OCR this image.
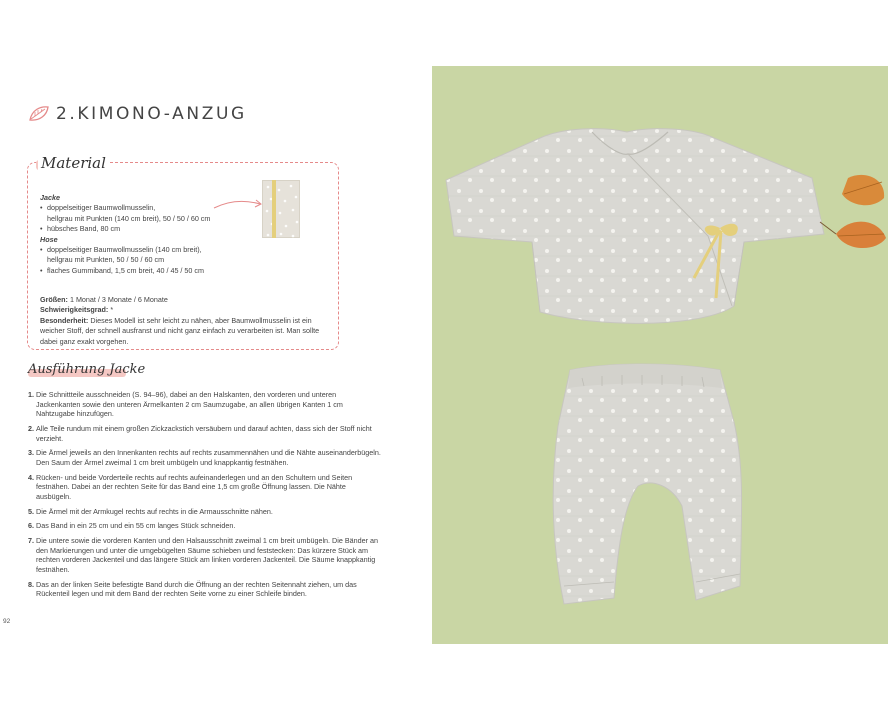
2.KIMONO-ANZUG
Material
Jacke
• doppelseitiger Baumwollmusselin,
hellgrau mit Punkten (140 cm breit), 50 / 50 / 60 cm
• hübsches Band, 80 cm
Hose
• doppelseitiger Baumwollmusselin (140 cm breit),
hellgrau mit Punkten, 50 / 50 / 60 cm
• flaches Gummiband, 1,5 cm breit, 40 / 45 / 50 cm
Größen: 1 Monat / 3 Monate / 6 Monate
Schwierigkeitsgrad: *
Besonderheit: Dieses Modell ist sehr leicht zu nähen, aber Baumwollmusselin ist ein weicher Stoff, der schnell ausfranst und nicht ganz einfach zu verarbeiten ist. Man sollte dabei ganz exakt vorgehen.
Ausführung Jacke
1. Die Schnittteile ausschneiden (S. 94–96), dabei an den Halskanten, den vorderen und unteren Jackenkanten sowie den unteren Ärmelkanten 2 cm Saumzugabe, an allen übrigen Kanten 1 cm Nahtzugabe hinzufügen.
2. Alle Teile rundum mit einem großen Zickzackstich versäubern und darauf achten, dass sich der Stoff nicht verzieht.
3. Die Ärmel jeweils an den Innenkanten rechts auf rechts zusammennähen und die Nähte auseinanderbügeln. Den Saum der Ärmel zweimal 1 cm breit umbügeln und knappkantig festnähen.
4. Rücken- und beide Vorderteile rechts auf rechts aufeinanderlegen und an den Schultern und Seiten festnähen. Dabei an der rechten Seite für das Band eine 1,5 cm große Öffnung lassen. Die Nähte ausbügeln.
5. Die Ärmel mit der Armkugel rechts auf rechts in die Armausschnitte nähen.
6. Das Band in ein 25 cm und ein 55 cm langes Stück schneiden.
7. Die untere sowie die vorderen Kanten und den Halsausschnitt zweimal 1 cm breit umbügeln. Die Bänder an den Markierungen und unter die umgebügelten Säume schieben und feststecken: Das kürzere Stück am rechten vorderen Jackenteil und das längere Stück am linken vorderen Jackenteil. Die Säume knappkantig festnähen.
8. Das an der linken Seite befestigte Band durch die Öffnung an der rechten Seitennaht ziehen, um das Rückenteil legen und mit dem Band der rechten Seite vorne zu einer Schleife binden.
92
